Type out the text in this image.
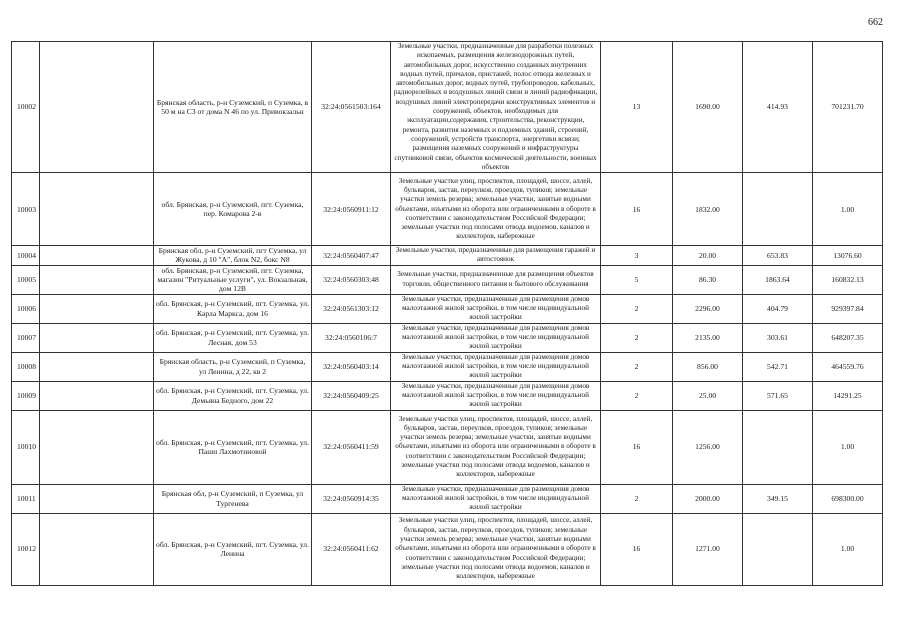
662
10002		Брянская область, р-н Суземский, п Суземка, в 50 м на СЗ от дома N 46 по ул. Привокзальн	32:24:0561503:164	Земельные участки, предназначенные для разработки полезных ископаемых, размещения железнодорожных путей, автомобильных дорог, искусственно созданных внутренних водных путей, причалов, пристаней, полос отвода железных и автомобильных дорог, водных путей, трубопроводов, кабельных, радиорелейных и воздушных линий связи и линий радиофикации, воздушных линий электропередачи конструктивных элементов и сооружений, объектов, необходимых для эксплуатации,содержания, строительства, реконструкции, ремонта, развития наземных и подземных зданий, строений, сооружений, устройств транспорта, энергетики всвязи; размещения наземных сооружений и инфраструктуры спутниковой связи, объектов космической деятельности, военных объектов	13	1690.00	414.93	701231.70
10003		обл. Брянская, р-н Суземский, пгт. Суземка, пер. Комарова 2-в	32:24:0560911:12	Земельные участки улиц, проспектов, площадей, шоссе, аллей, бульваров, застав, переулков, проездов, тупиков; земельные участки земель резерва; земельные участки, занятые водными объектами, изъятыми из оборота или ограниченными в обороте в соответствии с законодательством Российской Федерации; земельные участки под полосами отвода водоемов, каналов и коллекторов, набережные	16	1832.00		1.00
10004		Брянская обл, р-н Суземский, пгт Суземка, ул Жукова, д 10 "А", блок N2, бокс N8	32:24:0560407:47	Земельные участки, предназначенные для размещения гаражей и автостоянок	3	20.00	653.83	13076.60
10005		обл. Брянская, р-н Суземский, пгт. Суземка, магазин "Ритуальные услуги", ул. Вокзальная, дом 12В	32:24:0560303:48	Земельные участки, предназначенные для размещения объектов торговли, общественного питания и бытового обслуживания	5	86.30	1863.64	160832.13
10006		обл. Брянская, р-н Суземский, пгт. Суземка, ул. Карла Маркса, дом 16	32:24:0561303:12	Земельные участки, предназначенные для размещения домов малоэтажной жилой застройки, в том числе индивидуальной жилой застройки	2	2296.00	404.79	929397.84
10007		обл. Брянская, р-н Суземский, пгт. Суземка, ул. Лесная, дом 53	32:24:0560106:7	Земельные участки, предназначенные для размещения домов малоэтажной жилой застройки, в том числе индивидуальной жилой застройки	2	2135.00	303.61	648207.35
10008		Брянская область, р-н Суземский, п Суземка, ул Ленина, д 22, кв 2	32:24:0560403:14	Земельные участки, предназначенные для размещения домов малоэтажной жилой застройки, в том числе индивидуальной жилой застройки	2	856.00	542.71	464559.76
10009		обл. Брянская, р-н Суземский, пгт. Суземка, ул. Демьяна Бедного, дом 22	32:24:0560409:25	Земельные участки, предназначенные для размещения домов малоэтажной жилой застройки, в том числе индивидуальной жилой застройки	2	25.00	571.65	14291.25
10010		обл. Брянская, р-н Суземский, пгт. Суземка, ул. Паши Лахмотиновой	32:24:0560411:59	Земельные участки улиц, проспектов, площадей, шоссе, аллей, бульваров, застав, переулков, проездов, тупиков; земельные участки земель резерва; земельные участки, занятые водными объектами, изъятыми из оборота или ограниченными в обороте в соответствии с законодательством Российской Федерации; земельные участки под полосами отвода водоемов, каналов и коллекторов, набережные	16	1256.00		1.00
10011		Брянская обл, р-н Суземский, п Суземка, ул Тургенева	32:24:0560914:35	Земельные участки, предназначенные для размещения домов малоэтажной жилой застройки, в том числе индивидуальной жилой застройки	2	2000.00	349.15	698300.00
10012		обл. Брянская, р-н Суземский, пгт. Суземка, ул. Ленина	32:24:0560411:62	Земельные участки улиц, проспектов, площадей, шоссе, аллей, бульваров, застав, переулков, проездов, тупиков; земельные участки земель резерва; земельные участки, занятые водными объектами, изъятыми из оборота или ограниченными в обороте в соответствии с законодательством Российской Федерации; земельные участки под полосами отвода водоемов, каналов и коллекторов, набережные	16	1271.00		1.00
